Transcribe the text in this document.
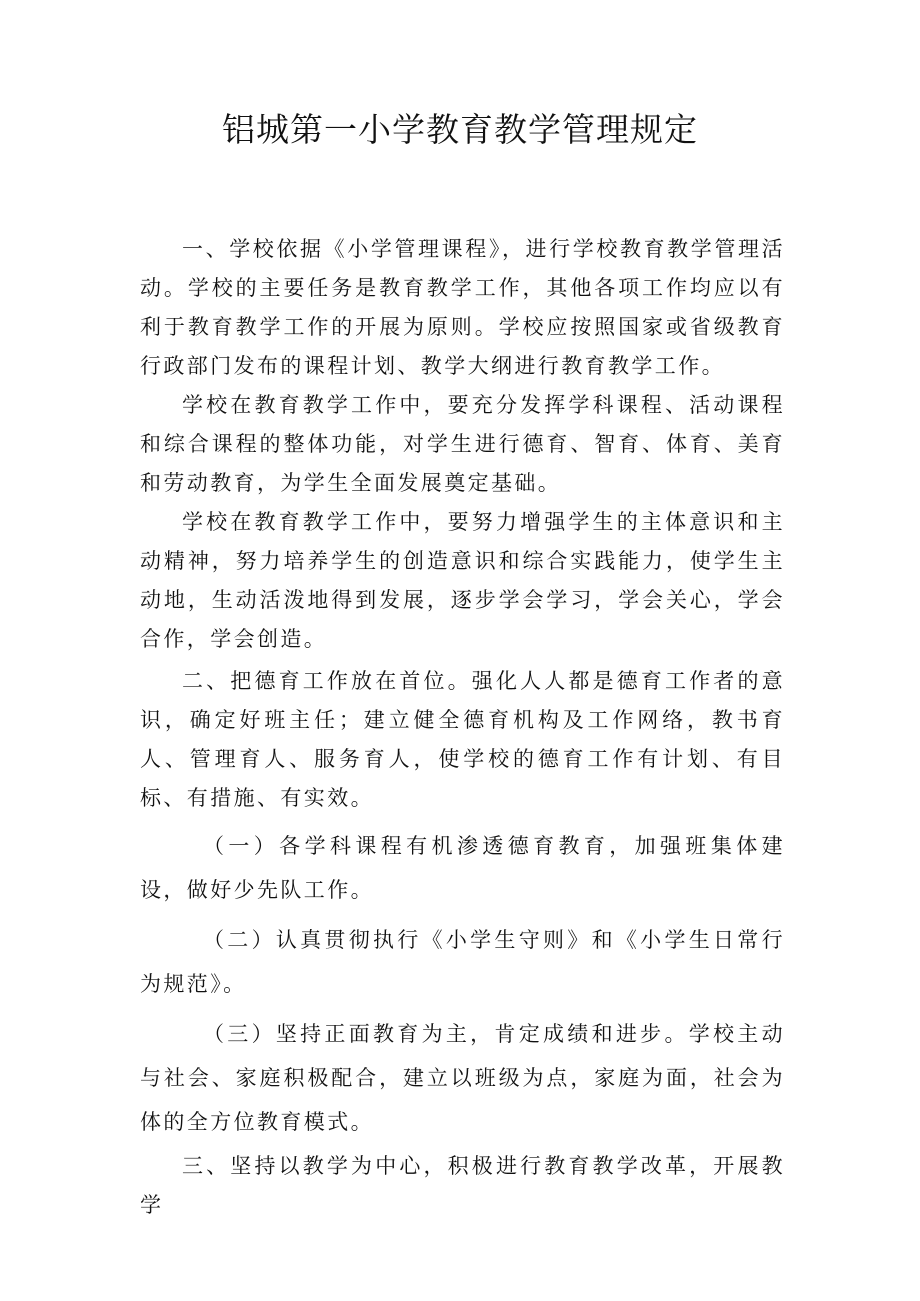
铝城第一小学教育教学管理规定

一、学校依据《小学管理课程》，进行学校教育教学管理活动。学校的主要任务是教育教学工作，其他各项工作均应以有利于教育教学工作的开展为原则。学校应按照国家或省级教育行政部门发布的课程计划、教学大纲进行教育教学工作。

学校在教育教学工作中，要充分发挥学科课程、活动课程和综合课程的整体功能，对学生进行德育、智育、体育、美育和劳动教育，为学生全面发展奠定基础。

学校在教育教学工作中，要努力增强学生的主体意识和主动精神，努力培养学生的创造意识和综合实践能力，使学生主动地，生动活泼地得到发展，逐步学会学习，学会关心，学会合作，学会创造。

二、把德育工作放在首位。强化人人都是德育工作者的意识，确定好班主任；建立健全德育机构及工作网络，教书育人、管理育人、服务育人，使学校的德育工作有计划、有目标、有措施、有实效。

（一）各学科课程有机渗透德育教育，加强班集体建设，做好少先队工作。

（二）认真贯彻执行《小学生守则》和《小学生日常行为规范》。

（三）坚持正面教育为主，肯定成绩和进步。学校主动与社会、家庭积极配合，建立以班级为点，家庭为面，社会为体的全方位教育模式。

三、坚持以教学为中心，积极进行教育教学改革，开展教学
